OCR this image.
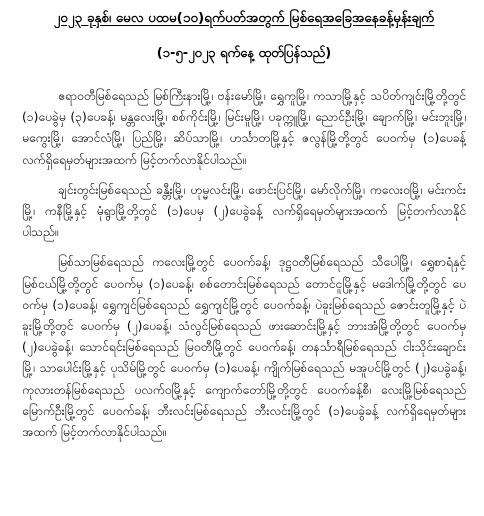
၂၀၂၃ ခုနှစ်၊ မေလ ပထမ(၁၀)ရက်ပတ်အတွက် မြစ်ရေအခြေအနေခန့်မှန်းချက်
(၁-၅-၂၀၂၃ ရက်နေ့ ထုတ်ပြန်သည်)

ဧရာဝတီမြစ်ရေသည် မြစ်ကြီးနားမြို့၊ ဗန်းမော်မြို့၊ ရွှေကူမြို့၊ ကသာမြို့နှင့် သပိတ်ကျင်းမြို့တို့တွင် (၁)ပေခွဲမှ (၃)ပေခန့်၊ မန္တလေးမြို့၊ စစ်ကိုင်းမြို့၊ မြင်းမူမြို့၊ ပခုက္ကူမြို့၊ ညောင်ဦးမြို့၊ ချောက်မြို့၊ မင်းဘူးမြို့၊ မကွေးမြို့၊ အောင်လံမြို့၊ ပြည်မြို့၊ ဆိပ်သာမြို့၊ ဟင်္သာတမြို့နှင့် ဇလွန်မြို့တို့တွင် ပေဝက်မှ (၁)ပေခန့် လက်ရှိရေမှတ်များအထက် မြင့်တက်လာနိုင်ပါသည်။

ချင်းတွင်းမြစ်ရေသည် ခန္တီးမြို့၊ ဟုမ္မလင်းမြို့၊ ဖောင်းပြင်မြို့၊ မော်လိုက်မြို့၊ ကလေးဝမြို့၊ မင်းကင်းမြို့၊ ကနီမြို့နှင့် မုံရွာမြို့တို့တွင် (၁)ပေမှ (၂)ပေခွဲခန့် လက်ရှိရေမှတ်များအထက် မြင့်တက်လာနိုင်ပါသည်။

မြစ်သာမြစ်ရေသည် ကလေးမြို့တွင် ပေဝက်ခန့်၊ ဒုဋ္ဌဝတီမြစ်ရေသည် သီပေါမြို့၊ ရွှေစာရံနှင့် မြစ်ငယ်မြို့တို့တွင် ပေဝက်မှ (၁)ပေခန့်၊ စစ်တောင်းမြစ်ရေသည် တောင်ငူမြို့နှင့် မဒေါက်မြို့တို့တွင် ပေဝက်မှ (၁)ပေခန့်၊ ရွှေကျင်မြစ်ရေသည် ရွှေကျင်မြို့တွင် ပေဝက်ခန့်၊ ပဲခူးမြစ်ရေသည် ဇောင်းတူမြို့နှင့် ပဲခူးမြို့တို့တွင် ပေဝက်မှ (၂)ပေခန့်၊ သံလွင်မြစ်ရေသည် ဖားဆောင်းမြို့နှင့် ဘားအံမြို့တို့တွင် ပေဝက်မှ (၂)ပေခွဲခန့်၊ သောင်ရင်းမြစ်ရေသည် မြဝတီမြို့တွင် ပေဝက်ခန့်၊ တနင်္သာရီမြစ်ရေသည် ငါးသိုင်းချောင်းမြို့၊ သာပေါင်းမြို့နှင့် ပုသိမ်မြို့တွင် ပေဝက်မှ (၁)ပေခန့်၊ ကျိုက်မြစ်ရေသည် မအူပင်မြို့တွင် (၂)ပေခွဲခန့်၊ ကုလားတန်မြစ်ရေသည် ပလက်ဝမြို့နှင့် ကျောက်တော်မြို့တို့တွင် ပေဝက်ခန့်စီ၊ လေးမြို့မြစ်ရေသည် မြောက်ဦးမြို့တွင် ပေဝက်ခန့်၊ ဘီးလင်းမြစ်ရေသည် ဘီးလင်းမြို့တွင် (၁)ပေခွဲခန့် လက်ရှိရေမှတ်များအထက် မြင့်တက်လာနိုင်ပါသည်။
